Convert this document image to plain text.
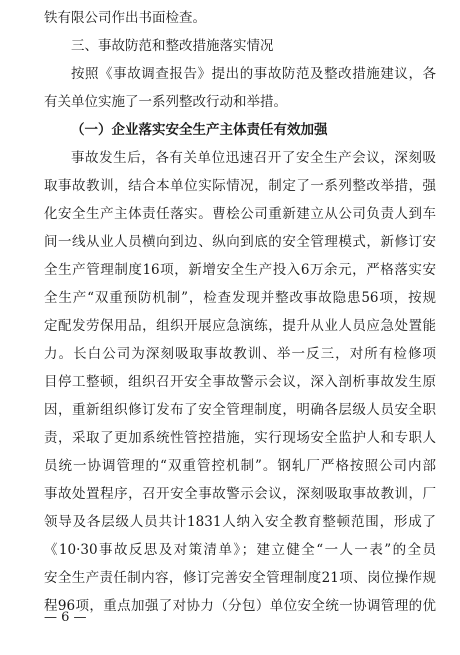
铁有限公司作出书面检查。
三、事故防范和整改措施落实情况
按照《事故调查报告》提出的事故防范及整改措施建议，各
有关单位实施了一系列整改行动和举措。
（一）企业落实安全生产主体责任有效加强
事故发生后，各有关单位迅速召开了安全生产会议，深刻吸
取事故教训，结合本单位实际情况，制定了一系列整改举措，强
化安全生产主体责任落实。曹桧公司重新建立从公司负责人到车
间一线从业人员横向到边、纵向到底的安全管理模式，新修订安
全生产管理制度16项，新增安全生产投入6万余元，严格落实安
全生产“双重预防机制”，检查发现并整改事故隐患56项，按规
定配发劳保用品，组织开展应急演练，提升从业人员应急处置能
力。长白公司为深刻吸取事故教训、举一反三，对所有检修项
目停工整顿，组织召开安全事故警示会议，深入剖析事故发生原
因，重新组织修订发布了安全管理制度，明确各层级人员安全职
责，采取了更加系统性管控措施，实行现场安全监护人和专职人
员统一协调管理的“双重管控机制”。钢轧厂严格按照公司内部
事故处置程序，召开安全事故警示会议，深刻吸取事故教训，厂
领导及各层级人员共计1831人纳入安全教育整顿范围，形成了
《10·30事故反思及对策清单》；建立健全“一人一表”的全员
安全生产责任制内容，修订完善安全管理制度21项、岗位操作规
程96项，重点加强了对协力（分包）单位安全统一协调管理的优
— 6 —
